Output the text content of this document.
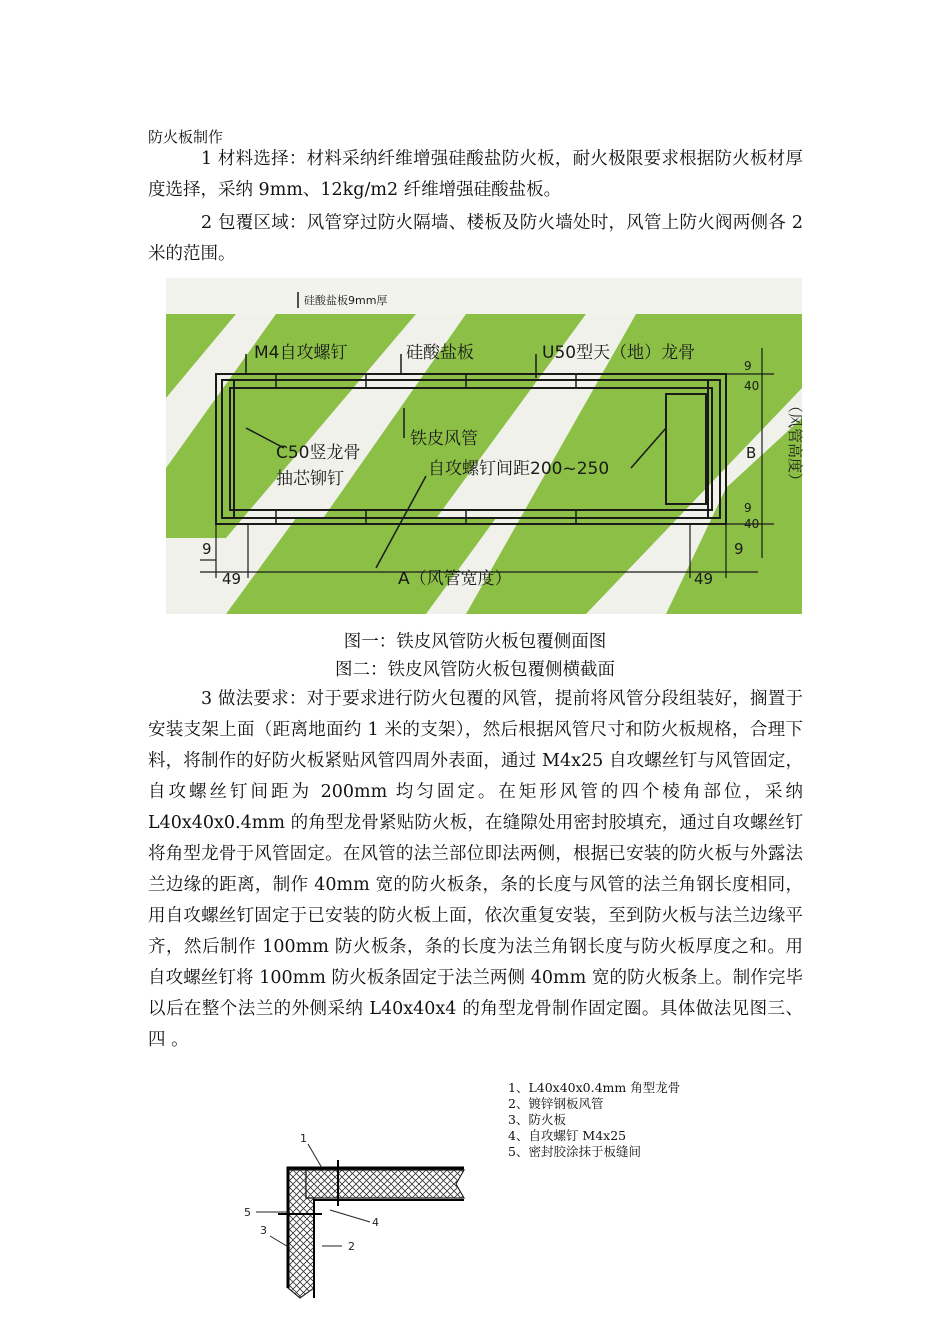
防火板制作
1 材料选择：材料采纳纤维增强硅酸盐防火板，耐火极限要求根据防火板材厚度选择，采纳 9mm、12kg/m2 纤维增强硅酸盐板。
2 包覆区域：风管穿过防火隔墙、楼板及防火墙处时，风管上防火阀两侧各 2 米的范围。
硅酸盐板9mm厚
M4自攻螺钉	硅酸盐板	U50型天（地）龙骨
铁皮风管
C50竖龙骨
抽芯铆钉	自攻螺钉间距200~250
A（风管宽度）
9
49	49
9
B
9
40
9
40
（风管高度）
图一：铁皮风管防火板包覆侧面图
图二：铁皮风管防火板包覆侧横截面
3 做法要求：对于要求进行防火包覆的风管，提前将风管分段组装好，搁置于安装支架上面（距离地面约 1 米的支架），然后根据风管尺寸和防火板规格，合理下料，将制作的好防火板紧贴风管四周外表面，通过 M4x25 自攻螺丝钉与风管固定，自攻螺丝钉间距为 200mm 均匀固定。在矩形风管的四个棱角部位，采纳 L40x40x0.4mm 的角型龙骨紧贴防火板，在缝隙处用密封胶填充，通过自攻螺丝钉将角型龙骨于风管固定。在风管的法兰部位即法两侧，根据已安装的防火板与外露法兰边缘的距离，制作 40mm 宽的防火板条，条的长度与风管的法兰角钢长度相同，用自攻螺丝钉固定于已安装的防火板上面，依次重复安装，至到防火板与法兰边缘平齐，然后制作 100mm 防火板条，条的长度为法兰角钢长度与防火板厚度之和。用自攻螺丝钉将 100mm 防火板条固定于法兰两侧 40mm 宽的防火板条上。制作完毕以后在整个法兰的外侧采纳 L40x40x4 的角型龙骨制作固定圈。具体做法见图三、四 。
1、L40x40x0.4mm 角型龙骨
2、镀锌钢板风管
3、防火板
4、自攻螺钉 M4x25
5、密封胶涂抹于板缝间
1
2
3
4
5
